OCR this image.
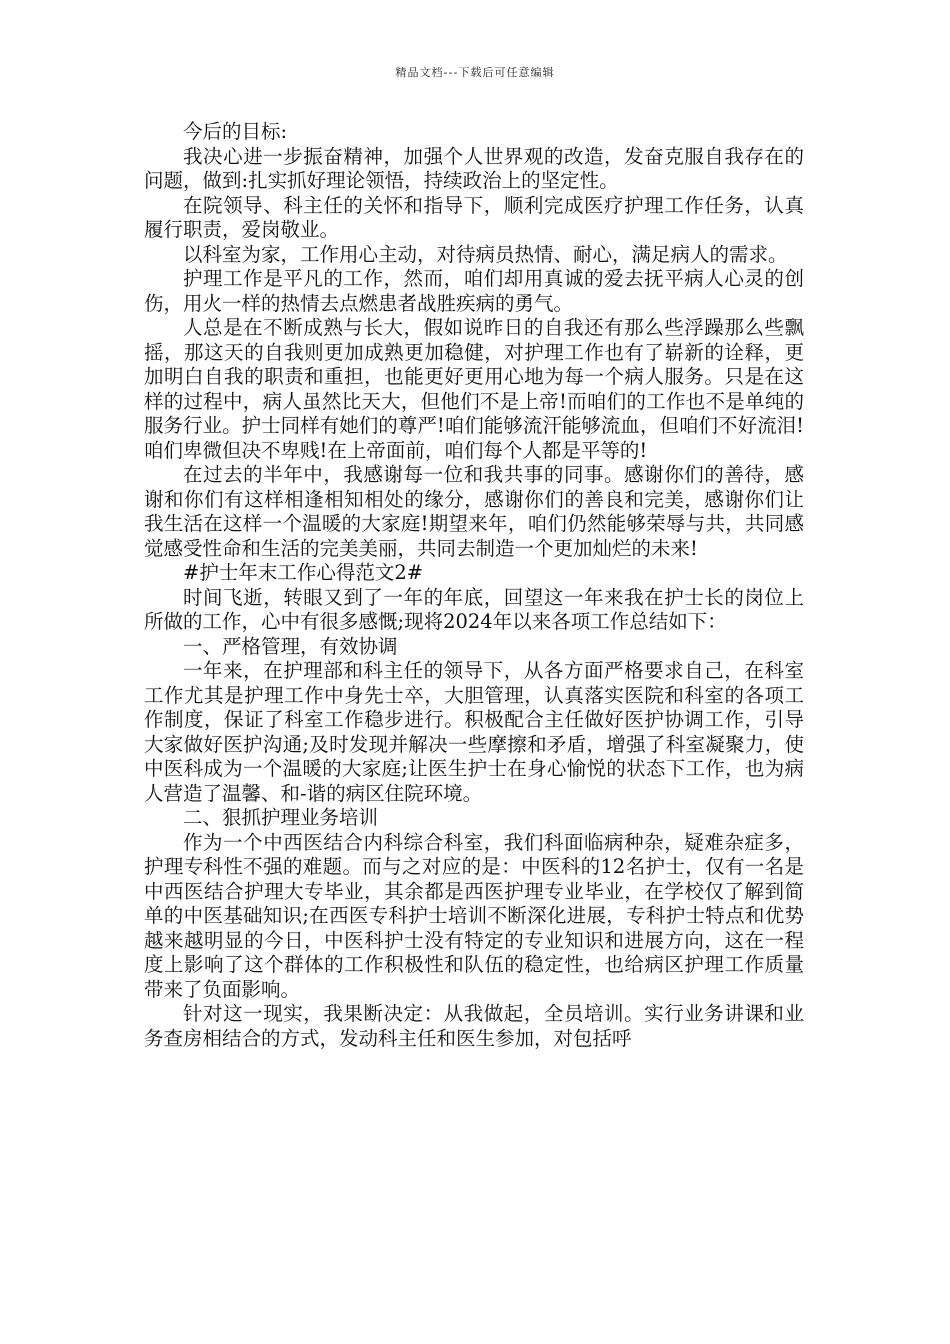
精品文档---下载后可任意编辑

今后的目标:

我决心进一步振奋精神，加强个人世界观的改造，发奋克服自我存在的问题，做到:扎实抓好理论领悟，持续政治上的坚定性。

在院领导、科主任的关怀和指导下，顺利完成医疗护理工作任务，认真履行职责，爱岗敬业。

以科室为家，工作用心主动，对待病员热情、耐心，满足病人的需求。

护理工作是平凡的工作，然而，咱们却用真诚的爱去抚平病人心灵的创伤，用火一样的热情去点燃患者战胜疾病的勇气。

人总是在不断成熟与长大，假如说昨日的自我还有那么些浮躁那么些飘摇，那这天的自我则更加成熟更加稳健，对护理工作也有了崭新的诠释，更加明白自我的职责和重担，也能更好更用心地为每一个病人服务。只是在这样的过程中，病人虽然比天大，但他们不是上帝!而咱们的工作也不是单纯的服务行业。护士同样有她们的尊严!咱们能够流汗能够流血，但咱们不好流泪!咱们卑微但决不卑贱!在上帝面前，咱们每个人都是平等的!

在过去的半年中，我感谢每一位和我共事的同事。感谢你们的善待，感谢和你们有这样相逢相知相处的缘分，感谢你们的善良和完美，感谢你们让我生活在这样一个温暖的大家庭!期望来年，咱们仍然能够荣辱与共，共同感觉感受性命和生活的完美美丽，共同去制造一个更加灿烂的未来!

#护士年末工作心得范文2#

时间飞逝，转眼又到了一年的年底，回望这一年来我在护士长的岗位上所做的工作，心中有很多感慨;现将2024年以来各项工作总结如下：

一、严格管理，有效协调

一年来，在护理部和科主任的领导下，从各方面严格要求自己，在科室工作尤其是护理工作中身先士卒，大胆管理，认真落实医院和科室的各项工作制度，保证了科室工作稳步进行。积极配合主任做好医护协调工作，引导大家做好医护沟通;及时发现并解决一些摩擦和矛盾，增强了科室凝聚力，使中医科成为一个温暖的大家庭;让医生护士在身心愉悦的状态下工作，也为病人营造了温馨、和-谐的病区住院环境。

二、狠抓护理业务培训

作为一个中西医结合内科综合科室，我们科面临病种杂，疑难杂症多，护理专科性不强的难题。而与之对应的是：中医科的12名护士，仅有一名是中西医结合护理大专毕业，其余都是西医护理专业毕业，在学校仅了解到简单的中医基础知识;在西医专科护士培训不断深化进展，专科护士特点和优势越来越明显的今日，中医科护士没有特定的专业知识和进展方向，这在一程度上影响了这个群体的工作积极性和队伍的稳定性，也给病区护理工作质量带来了负面影响。

针对这一现实，我果断决定：从我做起，全员培训。实行业务讲课和业务查房相结合的方式，发动科主任和医生参加，对包括呼
